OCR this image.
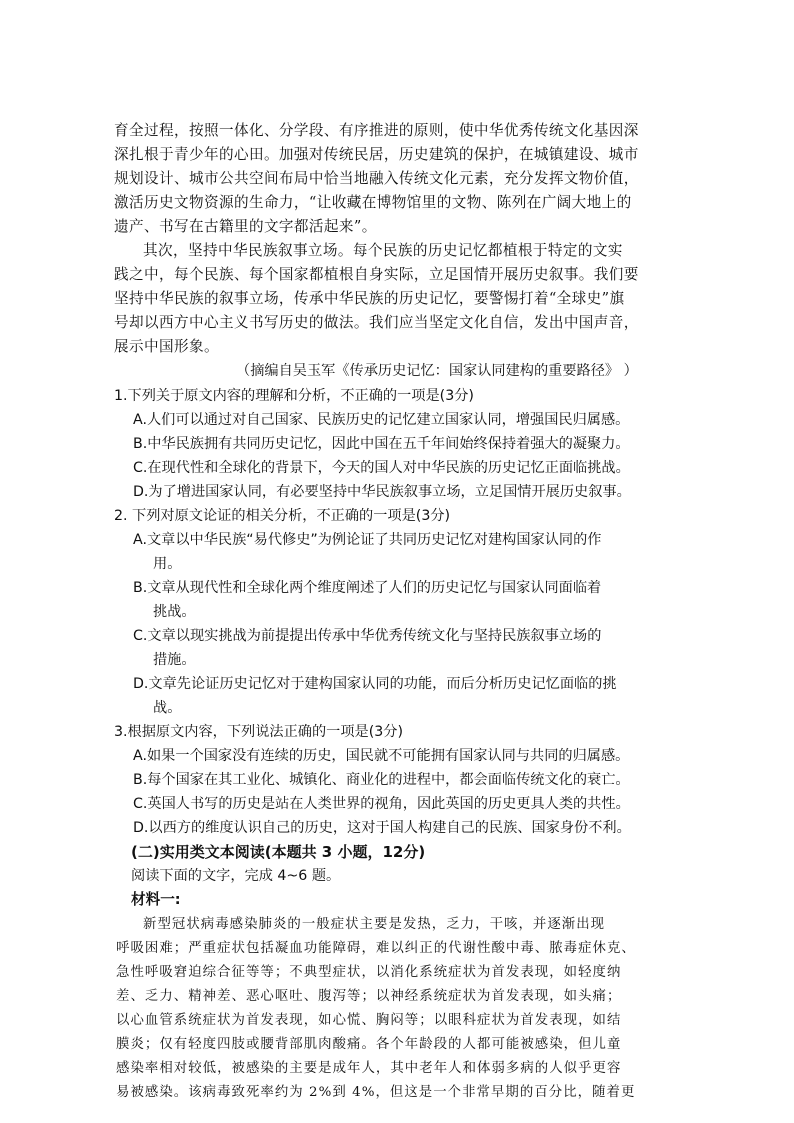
育全过程，按照一体化、分学段、有序推进的原则，使中华优秀传统文化基因深
深扎根于青少年的心田。加强对传统民居，历史建筑的保护，在城镇建设、城市
规划设计、城市公共空间布局中恰当地融入传统文化元素，充分发挥文物价值，
激活历史文物资源的生命力，“让收藏在博物馆里的文物、陈列在广阔大地上的
遗产、书写在古籍里的文字都活起来”。
其次，坚持中华民族叙事立场。每个民族的历史记忆都植根于特定的文实
践之中，每个民族、每个国家都植根自身实际，立足国情开展历史叙事。我们要
坚持中华民族的叙事立场，传承中华民族的历史记忆，要警惕打着“全球史”旗
号却以西方中心主义书写历史的做法。我们应当坚定文化自信，发出中国声音，
展示中国形象。
（摘编自吴玉军《传承历史记忆：国家认同建构的重要路径》 ）
1.下列关于原文内容的理解和分析，不正确的一项是(3分)
A.人们可以通过对自己国家、民族历史的记忆建立国家认同，增强国民归属感。
B.中华民族拥有共同历史记忆，因此中国在五千年间始终保持着强大的凝聚力。
C.在现代性和全球化的背景下，今天的国人对中华民族的历史记忆正面临挑战。
D.为了增进国家认同，有必要坚持中华民族叙事立场，立足国情开展历史叙事。
2. 下列对原文论证的相关分析，不正确的一项是(3分)
A.文章以中华民族“易代修史”为例论证了共同历史记忆对建构国家认同的作
用。
B.文章从现代性和全球化两个维度阐述了人们的历史记忆与国家认同面临着
挑战。
C.文章以现实挑战为前提提出传承中华优秀传统文化与坚持民族叙事立场的
措施。
D.文章先论证历史记忆对于建构国家认同的功能，而后分析历史记忆面临的挑
战。
3.根据原文内容，下列说法正确的一项是(3分)
A.如果一个国家没有连续的历史，国民就不可能拥有国家认同与共同的归属感。
B.每个国家在其工业化、城镇化、商业化的进程中，都会面临传统文化的衰亡。
C.英国人书写的历史是站在人类世界的视角，因此英国的历史更具人类的共性。
D.以西方的维度认识自己的历史，这对于国人构建自己的民族、国家身份不利。
(二)实用类文本阅读(本题共 3 小题，12分)
阅读下面的文字，完成 4~6 题。
材料一:
新型冠状病毒感染肺炎的一般症状主要是发热，乏力，干咳，并逐渐出现
呼吸困难；严重症状包括凝血功能障碍，难以纠正的代谢性酸中毒、脓毒症休克、
急性呼吸窘迫综合征等等；不典型症状，以消化系统症状为首发表现，如轻度纳
差、乏力、精神差、恶心呕吐、腹泻等；以神经系统症状为首发表现，如头痛；
以心血管系统症状为首发表现，如心慌、胸闷等；以眼科症状为首发表现，如结
膜炎；仅有轻度四肢或腰背部肌肉酸痛。各个年龄段的人都可能被感染，但儿童
感染率相对较低，被感染的主要是成年人，其中老年人和体弱多病的人似乎更容
易被感染。该病毒致死率约为 2%到 4%，但这是一个非常早期的百分比，随着更
